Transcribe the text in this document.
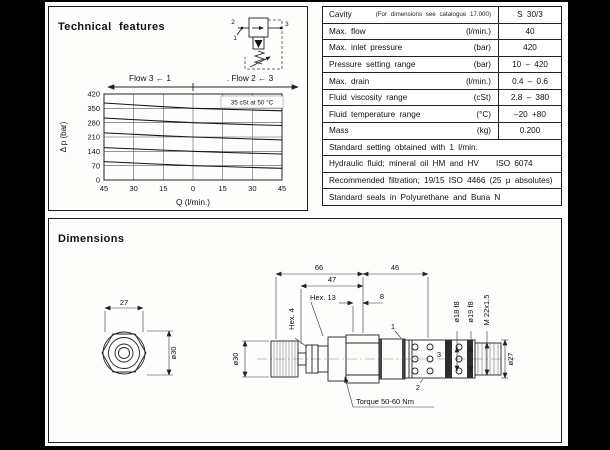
2	3
1
Flow 3 ← 1	. Flow 2 ← 3
0
70
140
210
280
350
420
45	30	15	0	15	30	45
35 cSt at 50 °C
Δ p (bar)
Q (l/min.)
Technical features
Cavity	(For dimensions see catalogue 17.000)	S 30/3
Max. flow	(l/min.)	40
Max. inlet pressure	(bar)	420
Pressure setting range	(bar)	10 – 420
Max. drain	(l/min.)	0.4 – 0.6
Fluid viscosity range	(cSt)	2.8 – 380
Fluid temperature range	(°C)	–20 +80
Mass	(kg)	0.200
Standard setting obtained with 1 l/min.
Hydraulic fluid; mineral oil HM and HV    ISO 6074
Recommended filtration; 19/15 ISO 4466 (25 μ absolutes)
Standard seals in Polyurethane and Buna N
27
ø30
66	46
47
8
Hex. 13
Hex. 4
ø30
ø18 f8 ø19 f8 M 22x1.5
ø27
1
2
3
Torque 50-60 Nm
Dimensions
